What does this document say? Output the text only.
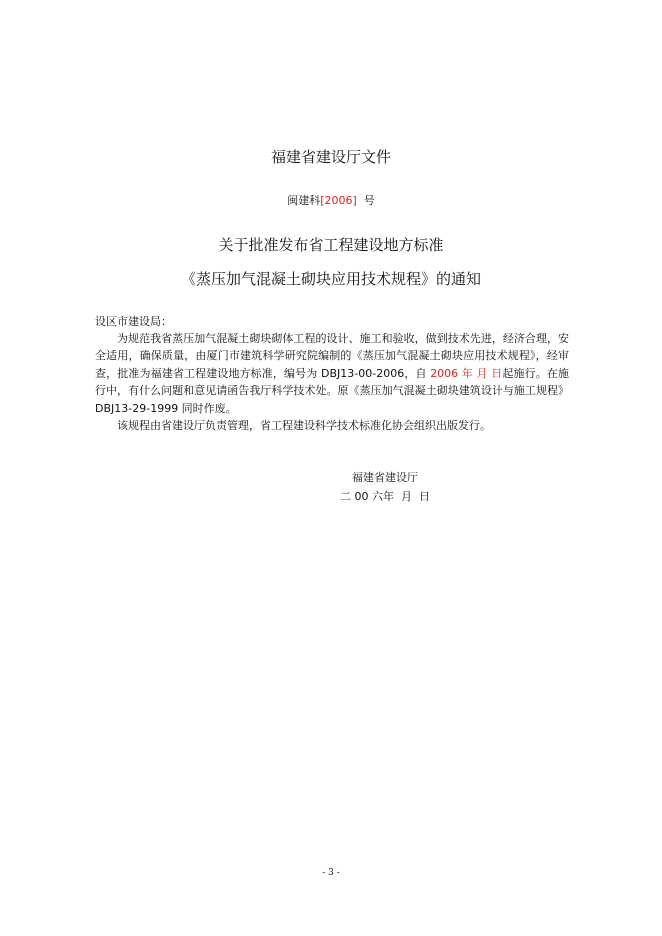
福建省建设厅文件
闽建科[2006] 号
关于批准发布省工程建设地方标准
《蒸压加气混凝土砌块应用技术规程》的通知
设区市建设局：
为规范我省蒸压加气混凝土砌块砌体工程的设计、施工和验收，做到技术先进，经济合理，安全适用，确保质量，由厦门市建筑科学研究院编制的《蒸压加气混凝土砌块应用技术规程》，经审查，批准为福建省工程建设地方标准，编号为 DBJ13-00-2006，自 2006 年 月 日起施行。在施行中，有什么问题和意见请函告我厅科学技术处。原《蒸压加气混凝土砌块建筑设计与施工规程》DBJ13-29-1999 同时作废。
该规程由省建设厅负责管理，省工程建设科学技术标准化协会组织出版发行。
福建省建设厅
二 00 六年  月  日
- 3 -
